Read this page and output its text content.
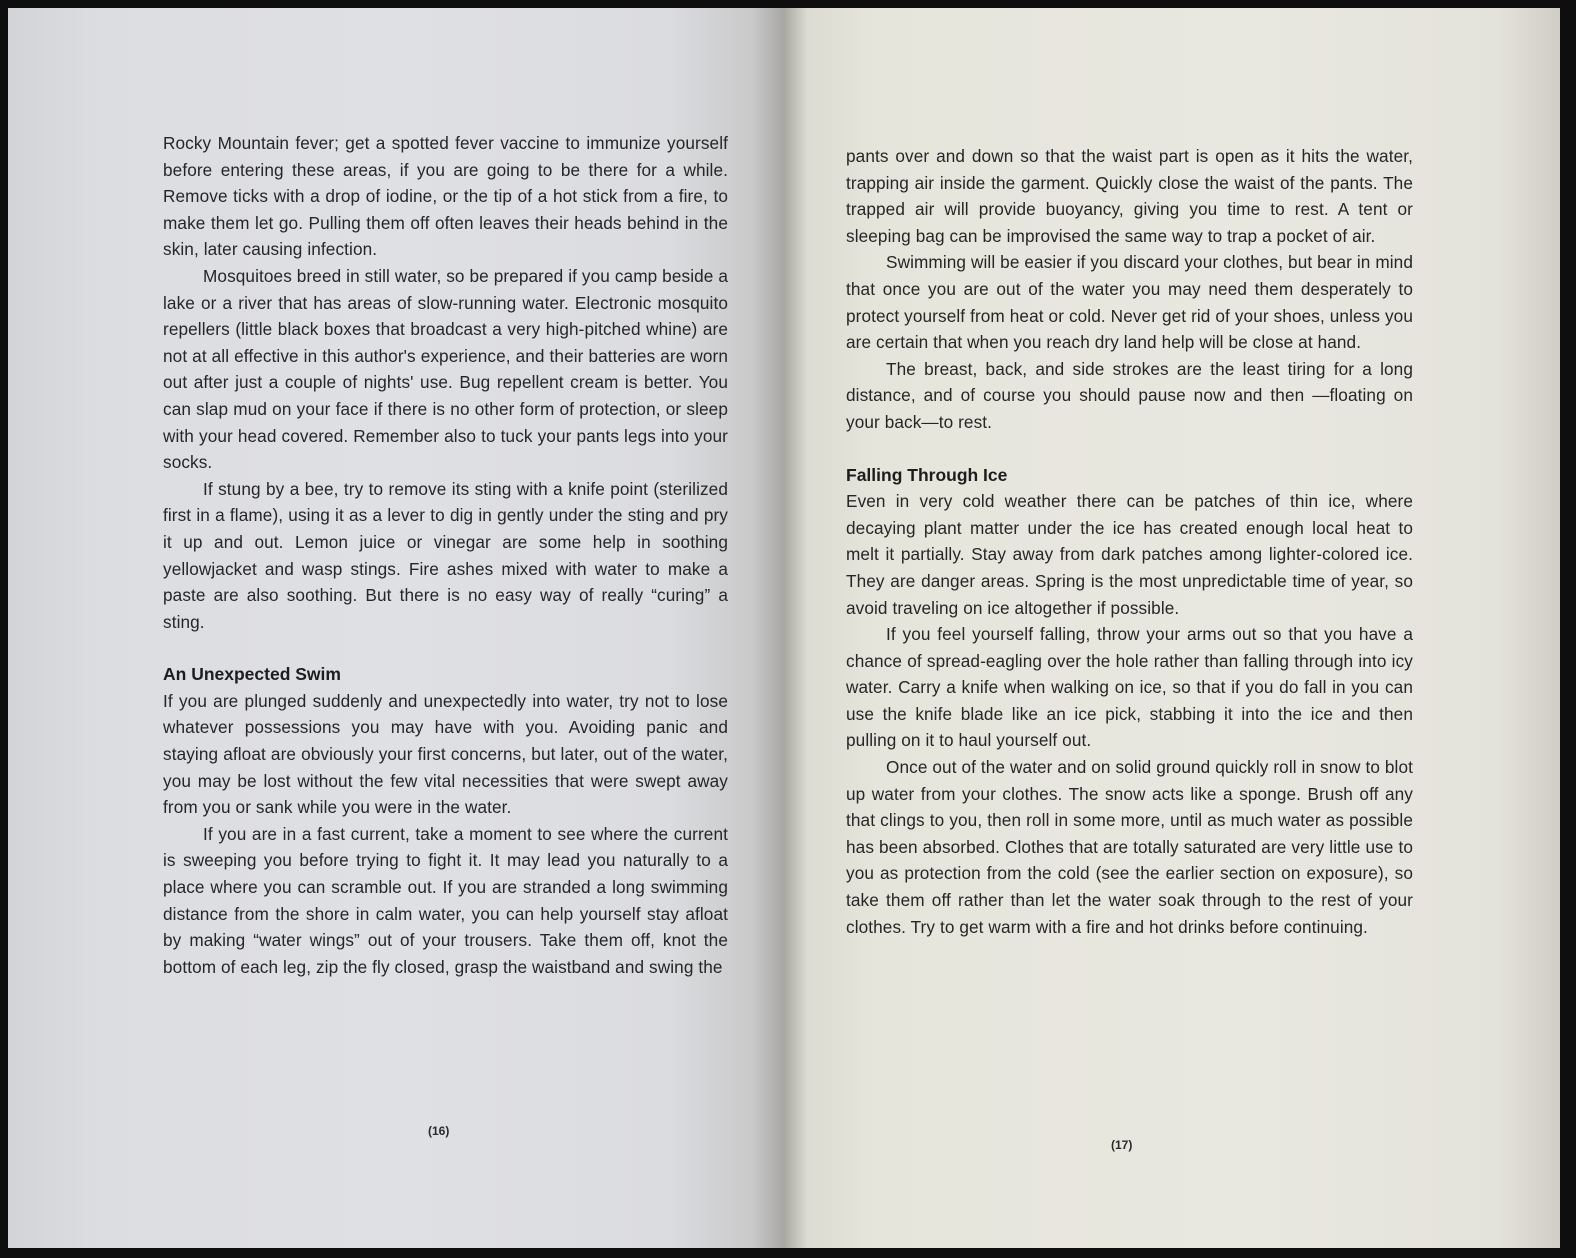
Rocky Mountain fever; get a spotted fever vaccine to immunize yourself before entering these areas, if you are going to be there for a while. Remove ticks with a drop of iodine, or the tip of a hot stick from a fire, to make them let go. Pulling them off often leaves their heads behind in the skin, later causing infection.

Mosquitoes breed in still water, so be prepared if you camp beside a lake or a river that has areas of slow-running water. Electronic mosquito repellers (little black boxes that broadcast a very high-pitched whine) are not at all effective in this author's experience, and their batteries are worn out after just a couple of nights' use. Bug repellent cream is better. You can slap mud on your face if there is no other form of protection, or sleep with your head covered. Remember also to tuck your pants legs into your socks.

If stung by a bee, try to remove its sting with a knife point (sterilized first in a flame), using it as a lever to dig in gently under the sting and pry it up and out. Lemon juice or vinegar are some help in soothing yellowjacket and wasp stings. Fire ashes mixed with water to make a paste are also soothing. But there is no easy way of really “curing” a sting.

An Unexpected Swim

If you are plunged suddenly and unexpectedly into water, try not to lose whatever possessions you may have with you. Avoiding panic and staying afloat are obviously your first concerns, but later, out of the water, you may be lost without the few vital necessities that were swept away from you or sank while you were in the water.

If you are in a fast current, take a moment to see where the current is sweeping you before trying to fight it. It may lead you naturally to a place where you can scramble out. If you are stranded a long swimming distance from the shore in calm water, you can help yourself stay afloat by making “water wings” out of your trousers. Take them off, knot the bottom of each leg, zip the fly closed, grasp the waistband and swing the

(16)

pants over and down so that the waist part is open as it hits the water, trapping air inside the garment. Quickly close the waist of the pants. The trapped air will provide buoyancy, giving you time to rest. A tent or sleeping bag can be improvised the same way to trap a pocket of air.

Swimming will be easier if you discard your clothes, but bear in mind that once you are out of the water you may need them desperately to protect yourself from heat or cold. Never get rid of your shoes, unless you are certain that when you reach dry land help will be close at hand.

The breast, back, and side strokes are the least tiring for a long distance, and of course you should pause now and then —floating on your back—to rest.

Falling Through Ice

Even in very cold weather there can be patches of thin ice, where decaying plant matter under the ice has created enough local heat to melt it partially. Stay away from dark patches among lighter-colored ice. They are danger areas. Spring is the most unpredictable time of year, so avoid traveling on ice altogether if possible.

If you feel yourself falling, throw your arms out so that you have a chance of spread-eagling over the hole rather than falling through into icy water. Carry a knife when walking on ice, so that if you do fall in you can use the knife blade like an ice pick, stabbing it into the ice and then pulling on it to haul yourself out.

Once out of the water and on solid ground quickly roll in snow to blot up water from your clothes. The snow acts like a sponge. Brush off any that clings to you, then roll in some more, until as much water as possible has been absorbed. Clothes that are totally saturated are very little use to you as protection from the cold (see the earlier section on exposure), so take them off rather than let the water soak through to the rest of your clothes. Try to get warm with a fire and hot drinks before continuing.

(17)
